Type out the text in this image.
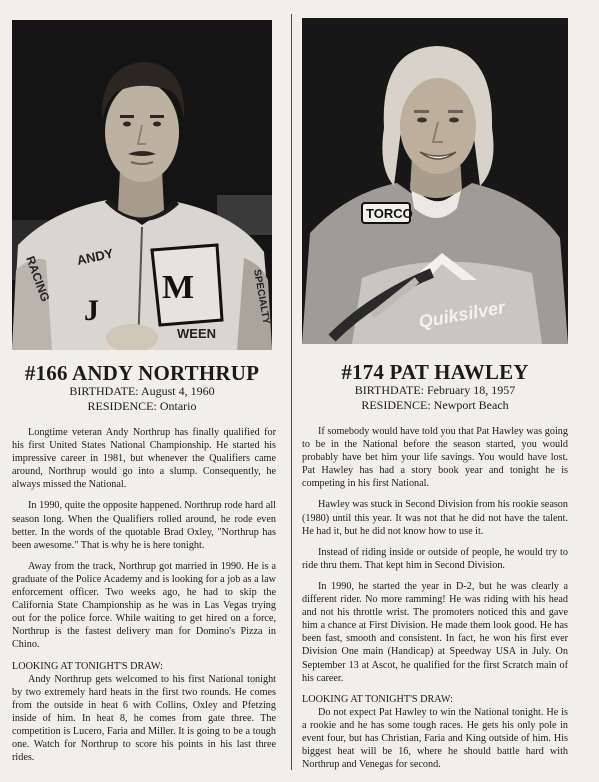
M
J
ANDY
WEEN
SPECIALTY
RACING
#166 ANDY NORTHRUP
BIRTHDATE: August 4, 1960
RESIDENCE: Ontario

Longtime veteran Andy Northrup has finally qualified for his first United States National Championship. He started his impressive career in 1981, but whenever the Qualifiers came around, Northrup would go into a slump. Consequently, he always missed the National.

In 1990, quite the opposite happened. Northrup rode hard all season long. When the Qualifiers rolled around, he rode even better. In the words of the quotable Brad Oxley, "Northrup has been awesome." That is why he is here tonight.

Away from the track, Northrup got married in 1990. He is a graduate of the Police Academy and is looking for a job as a law enforcement officer. Two weeks ago, he had to skip the California State Championship as he was in Las Vegas trying out for the police force. While waiting to get hired on a force, Northrup is the fastest delivery man for Domino's Pizza in Chino.

LOOKING AT TONIGHT'S DRAW:

Andy Northrup gets welcomed to his first National tonight by two extremely hard heats in the first two rounds. He comes from the outside in heat 6 with Collins, Oxley and Pfetzing inside of him. In heat 8, he comes from gate three. The competition is Lucero, Faria and Miller. It is going to be a tough one. Watch for Northrup to score his points in his last three rides.

Quiksilver
TORCO
#174 PAT HAWLEY
BIRTHDATE: February 18, 1957
RESIDENCE: Newport Beach

If somebody would have told you that Pat Hawley was going to be in the National before the season started, you would probably have bet him your life savings. You would have lost. Pat Hawley has had a story book year and tonight he is competing in his first National.

Hawley was stuck in Second Division from his rookie season (1980) until this year. It was not that he did not have the talent. He had it, but he did not know how to use it.

Instead of riding inside or outside of people, he would try to ride thru them. That kept him in Second Division.

In 1990, he started the year in D-2, but he was clearly a different rider. No more ramming! He was riding with his head and not his throttle wrist. The promoters noticed this and gave him a chance at First Division. He made them look good. He has been fast, smooth and consistent. In fact, he won his first ever Division One main (Handicap) at Speedway USA in July. On September 13 at Ascot, he qualified for the first Scratch main of his career.

LOOKING AT TONIGHT'S DRAW:

Do not expect Pat Hawley to win the National tonight. He is a rookie and he has some tough races. He gets his only pole in event four, but has Christian, Faria and King outside of him. His biggest heat will be 16, where he should battle hard with Northrup and Venegas for second.
